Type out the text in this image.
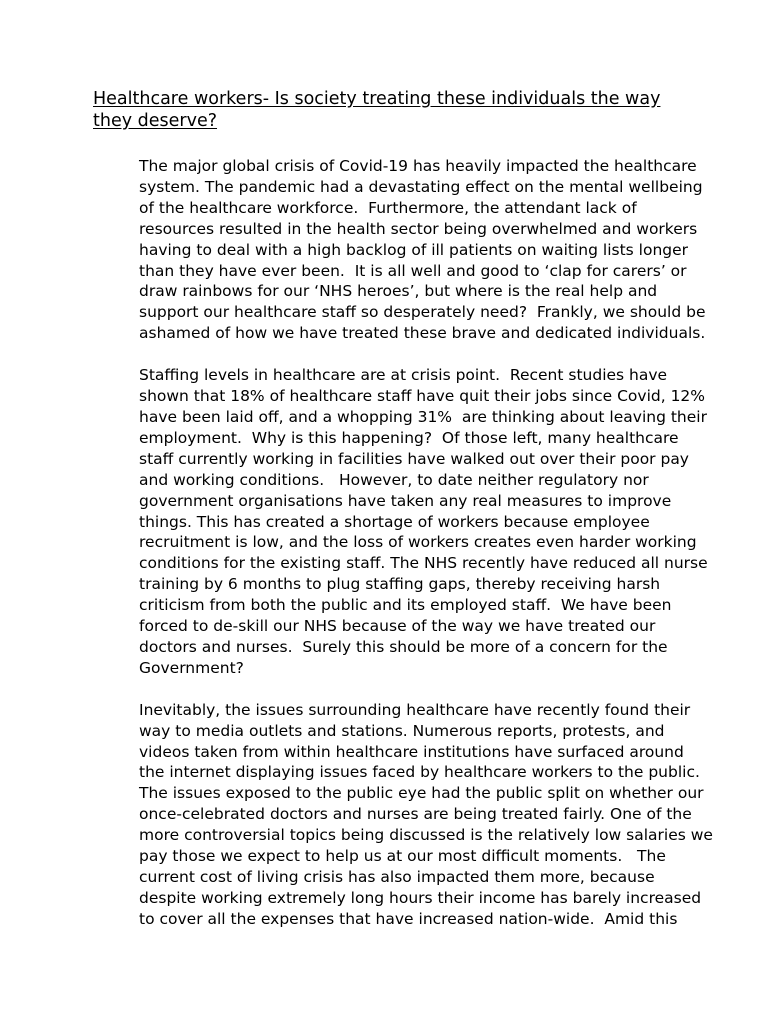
Healthcare workers- Is society treating these individuals the way they deserve?

The major global crisis of Covid-19 has heavily impacted the healthcare
system. The pandemic had a devastating effect on the mental wellbeing
of the healthcare workforce.  Furthermore, the attendant lack of
resources resulted in the health sector being overwhelmed and workers
having to deal with a high backlog of ill patients on waiting lists longer
than they have ever been.  It is all well and good to ‘clap for carers’ or
draw rainbows for our ‘NHS heroes’, but where is the real help and
support our healthcare staff so desperately need?  Frankly, we should be
ashamed of how we have treated these brave and dedicated individuals.

Staffing levels in healthcare are at crisis point.  Recent studies have
shown that 18% of healthcare staff have quit their jobs since Covid, 12%
have been laid off, and a whopping 31%  are thinking about leaving their
employment.  Why is this happening?  Of those left, many healthcare
staff currently working in facilities have walked out over their poor pay
and working conditions.   However, to date neither regulatory nor
government organisations have taken any real measures to improve
things. This has created a shortage of workers because employee
recruitment is low, and the loss of workers creates even harder working
conditions for the existing staff. The NHS recently have reduced all nurse
training by 6 months to plug staffing gaps, thereby receiving harsh
criticism from both the public and its employed staff.  We have been
forced to de-skill our NHS because of the way we have treated our
doctors and nurses.  Surely this should be more of a concern for the
Government?

Inevitably, the issues surrounding healthcare have recently found their
way to media outlets and stations. Numerous reports, protests, and
videos taken from within healthcare institutions have surfaced around
the internet displaying issues faced by healthcare workers to the public.
The issues exposed to the public eye had the public split on whether our
once-celebrated doctors and nurses are being treated fairly. One of the
more controversial topics being discussed is the relatively low salaries we
pay those we expect to help us at our most difficult moments.   The
current cost of living crisis has also impacted them more, because
despite working extremely long hours their income has barely increased
to cover all the expenses that have increased nation-wide.  Amid this
